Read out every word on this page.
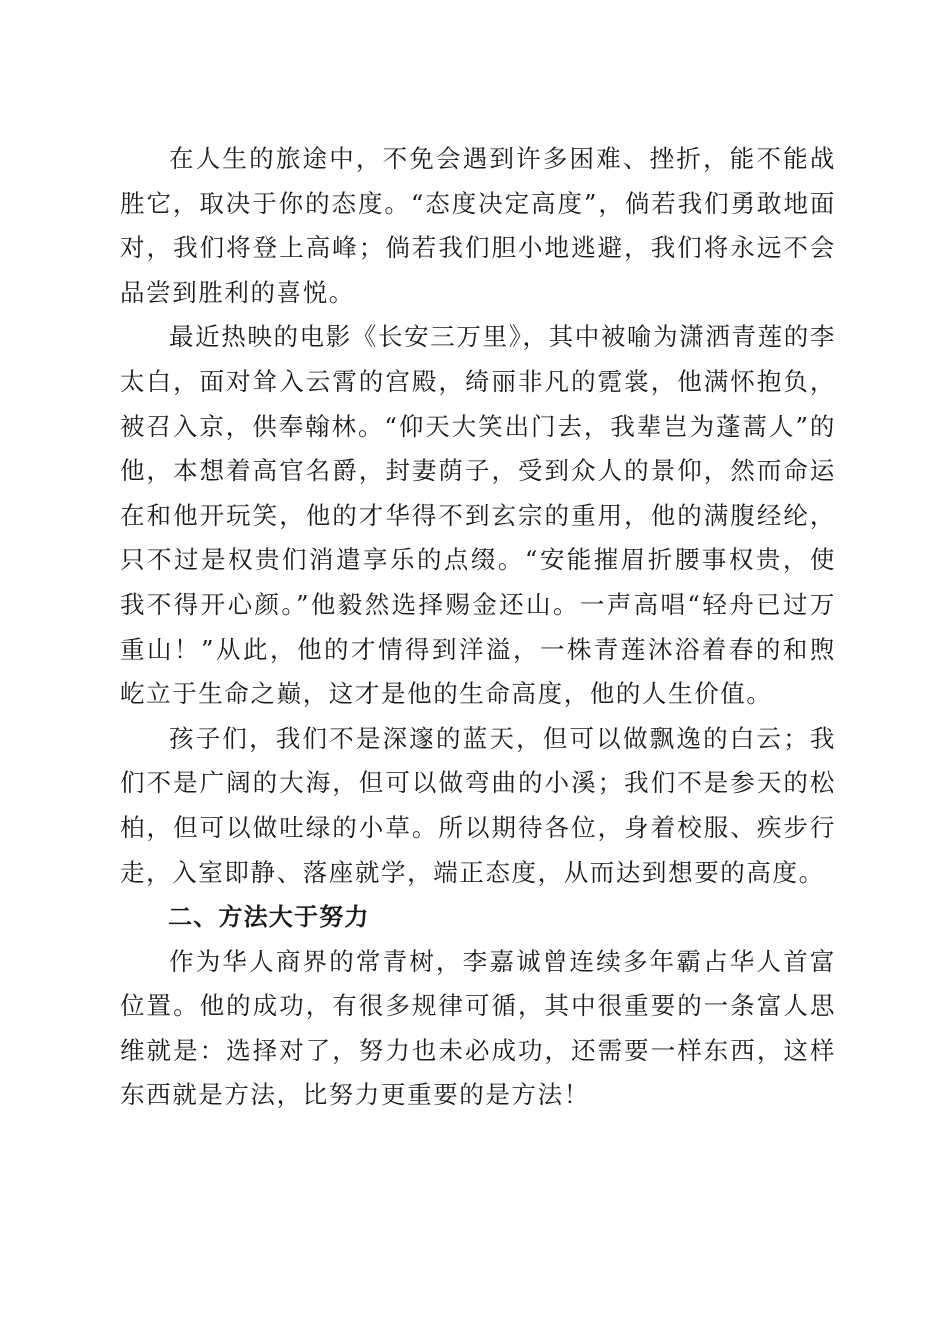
在人生的旅途中，不免会遇到许多困难、挫折，能不能战胜它，取决于你的态度。“态度决定高度”，倘若我们勇敢地面对，我们将登上高峰；倘若我们胆小地逃避，我们将永远不会品尝到胜利的喜悦。

最近热映的电影《长安三万里》，其中被喻为潇洒青莲的李太白，面对耸入云霄的宫殿，绮丽非凡的霓裳，他满怀抱负，被召入京，供奉翰林。“仰天大笑出门去，我辈岂为蓬蒿人”的他，本想着高官名爵，封妻荫子，受到众人的景仰，然而命运在和他开玩笑，他的才华得不到玄宗的重用，他的满腹经纶，只不过是权贵们消遣享乐的点缀。“安能摧眉折腰事权贵，使我不得开心颜。”他毅然选择赐金还山。一声高唱“轻舟已过万重山！”从此，他的才情得到洋溢，一株青莲沐浴着春的和煦屹立于生命之巅，这才是他的生命高度，他的人生价值。

孩子们，我们不是深邃的蓝天，但可以做飘逸的白云；我们不是广阔的大海，但可以做弯曲的小溪；我们不是参天的松柏，但可以做吐绿的小草。所以期待各位，身着校服、疾步行走，入室即静、落座就学，端正态度，从而达到想要的高度。

二、方法大于努力

作为华人商界的常青树，李嘉诚曾连续多年霸占华人首富位置。他的成功，有很多规律可循，其中很重要的一条富人思维就是：选择对了，努力也未必成功，还需要一样东西，这样东西就是方法，比努力更重要的是方法！
